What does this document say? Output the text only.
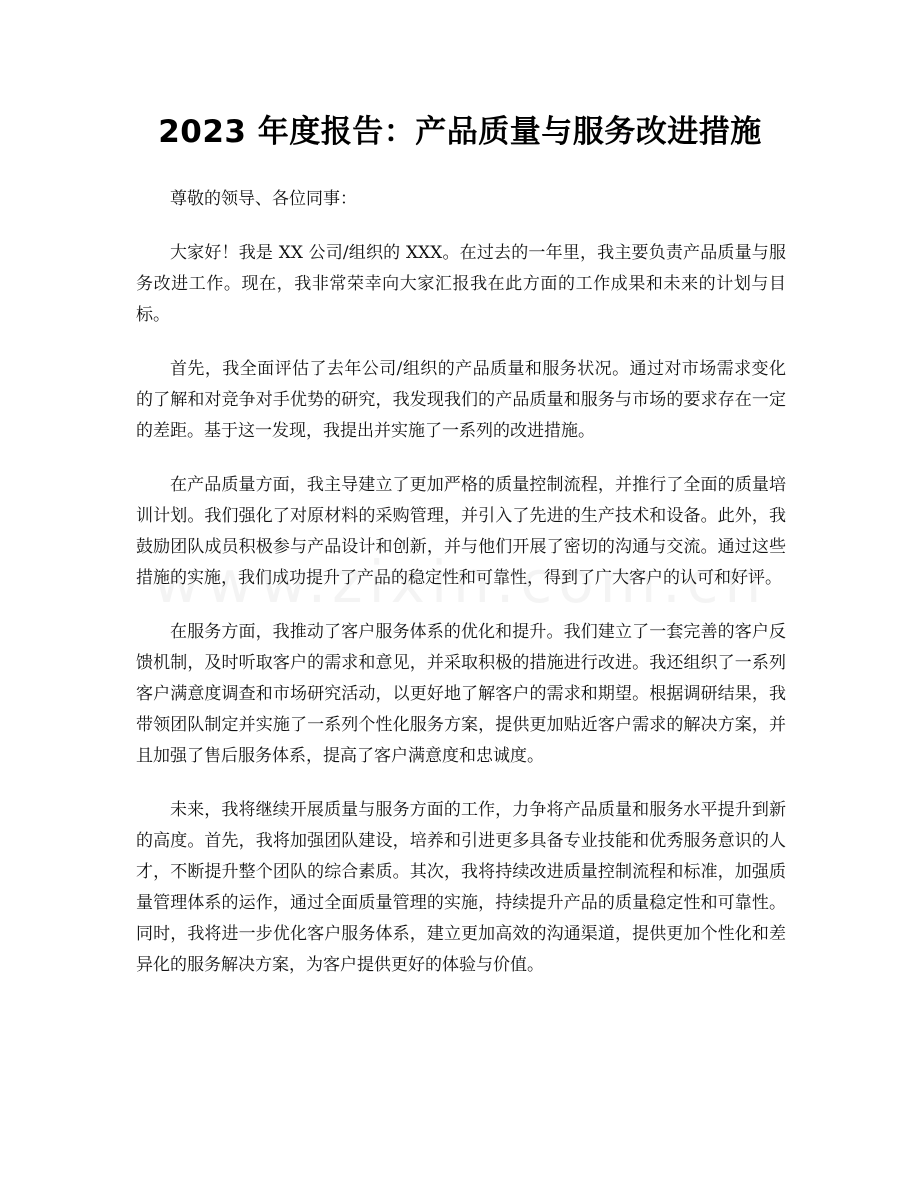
2023 年度报告：产品质量与服务改进措施

尊敬的领导、各位同事：

大家好！我是 XX 公司/组织的 XXX。在过去的一年里，我主要负责产品质量与服务改进工作。现在，我非常荣幸向大家汇报我在此方面的工作成果和未来的计划与目标。

首先，我全面评估了去年公司/组织的产品质量和服务状况。通过对市场需求变化的了解和对竞争对手优势的研究，我发现我们的产品质量和服务与市场的要求存在一定的差距。基于这一发现，我提出并实施了一系列的改进措施。

在产品质量方面，我主导建立了更加严格的质量控制流程，并推行了全面的质量培训计划。我们强化了对原材料的采购管理，并引入了先进的生产技术和设备。此外，我鼓励团队成员积极参与产品设计和创新，并与他们开展了密切的沟通与交流。通过这些措施的实施，我们成功提升了产品的稳定性和可靠性，得到了广大客户的认可和好评。

在服务方面，我推动了客户服务体系的优化和提升。我们建立了一套完善的客户反馈机制，及时听取客户的需求和意见，并采取积极的措施进行改进。我还组织了一系列客户满意度调查和市场研究活动，以更好地了解客户的需求和期望。根据调研结果，我带领团队制定并实施了一系列个性化服务方案，提供更加贴近客户需求的解决方案，并且加强了售后服务体系，提高了客户满意度和忠诚度。

未来，我将继续开展质量与服务方面的工作，力争将产品质量和服务水平提升到新的高度。首先，我将加强团队建设，培养和引进更多具备专业技能和优秀服务意识的人才，不断提升整个团队的综合素质。其次，我将持续改进质量控制流程和标准，加强质量管理体系的运作，通过全面质量管理的实施，持续提升产品的质量稳定性和可靠性。同时，我将进一步优化客户服务体系，建立更加高效的沟通渠道，提供更加个性化和差异化的服务解决方案，为客户提供更好的体验与价值。
